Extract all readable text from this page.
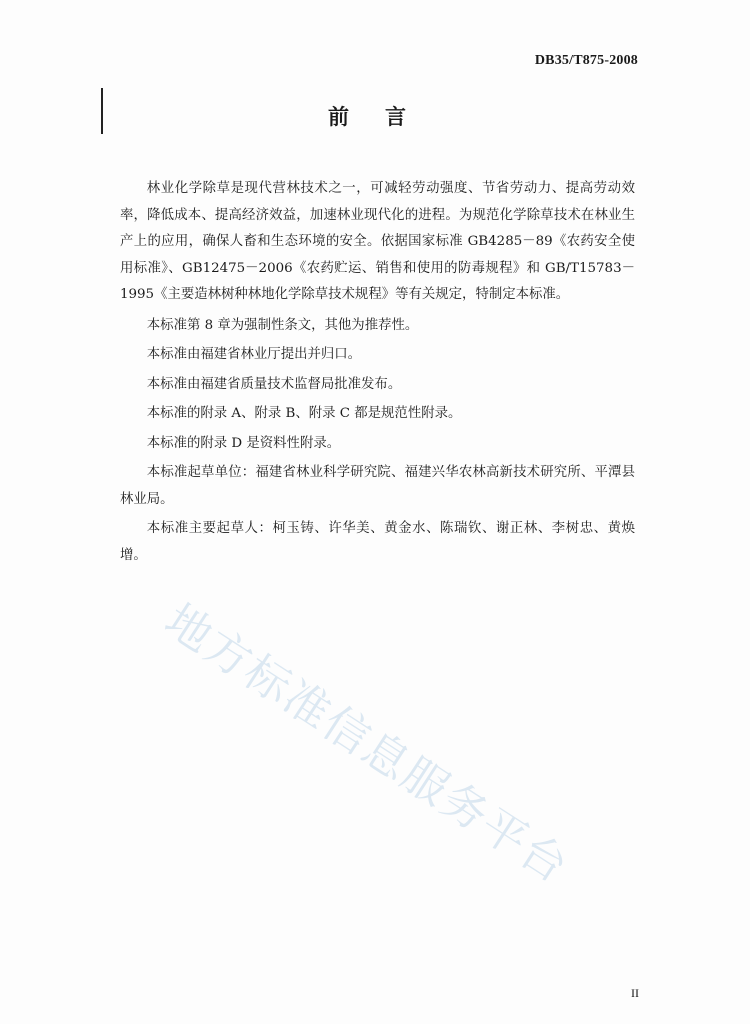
DB35/T875-2008
前言

林业化学除草是现代营林技术之一，可减轻劳动强度、节省劳动力、提高劳动效率，降低成本、提高经济效益，加速林业现代化的进程。为规范化学除草技术在林业生产上的应用，确保人畜和生态环境的安全。依据国家标准 GB4285－89《农药安全使用标准》、GB12475－2006《农药贮运、销售和使用的防毒规程》和 GB/T15783－1995《主要造林树种林地化学除草技术规程》等有关规定，特制定本标准。

本标准第 8 章为强制性条文，其他为推荐性。

本标准由福建省林业厅提出并归口。

本标准由福建省质量技术监督局批准发布。

本标准的附录 A、附录 B、附录 C 都是规范性附录。

本标准的附录 D 是资料性附录。

本标准起草单位：福建省林业科学研究院、福建兴华农林高新技术研究所、平潭县林业局。

本标准主要起草人：柯玉铸、许华美、黄金水、陈瑞钦、谢正林、李树忠、黄焕增。

地方标准信息服务平台
II
